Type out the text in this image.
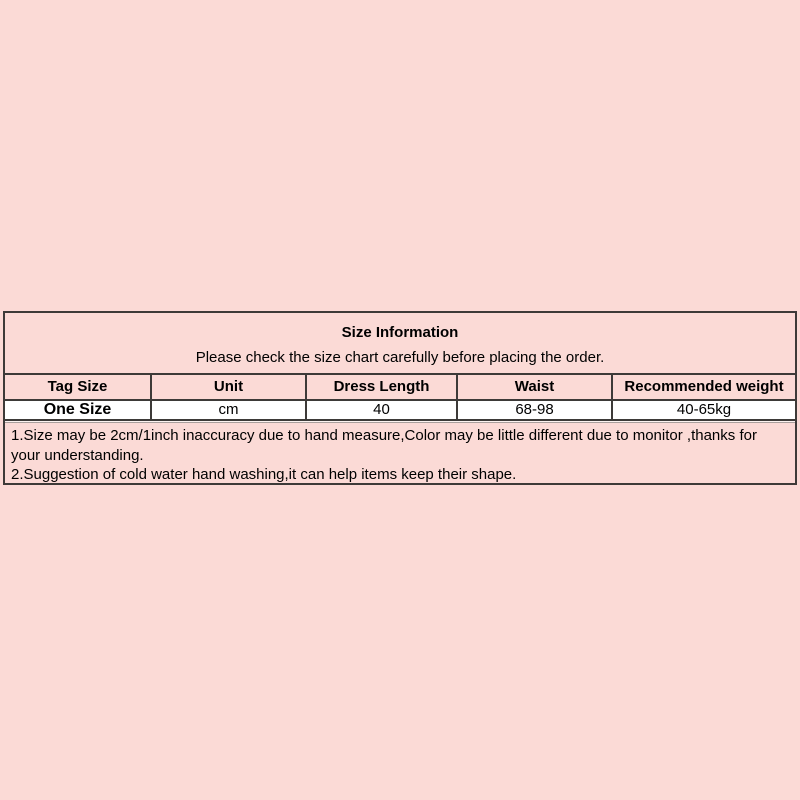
Size Information
Please check the size chart carefully before placing the order.
Tag Size	Unit	Dress Length	Waist	Recommended weight
One Size	cm	40	68-98	40-65kg
1.Size may be 2cm/1inch inaccuracy due to hand measure,Color may be little different due to monitor ,thanks for your understanding.
2.Suggestion of cold water hand washing,it can help items keep their shape.
